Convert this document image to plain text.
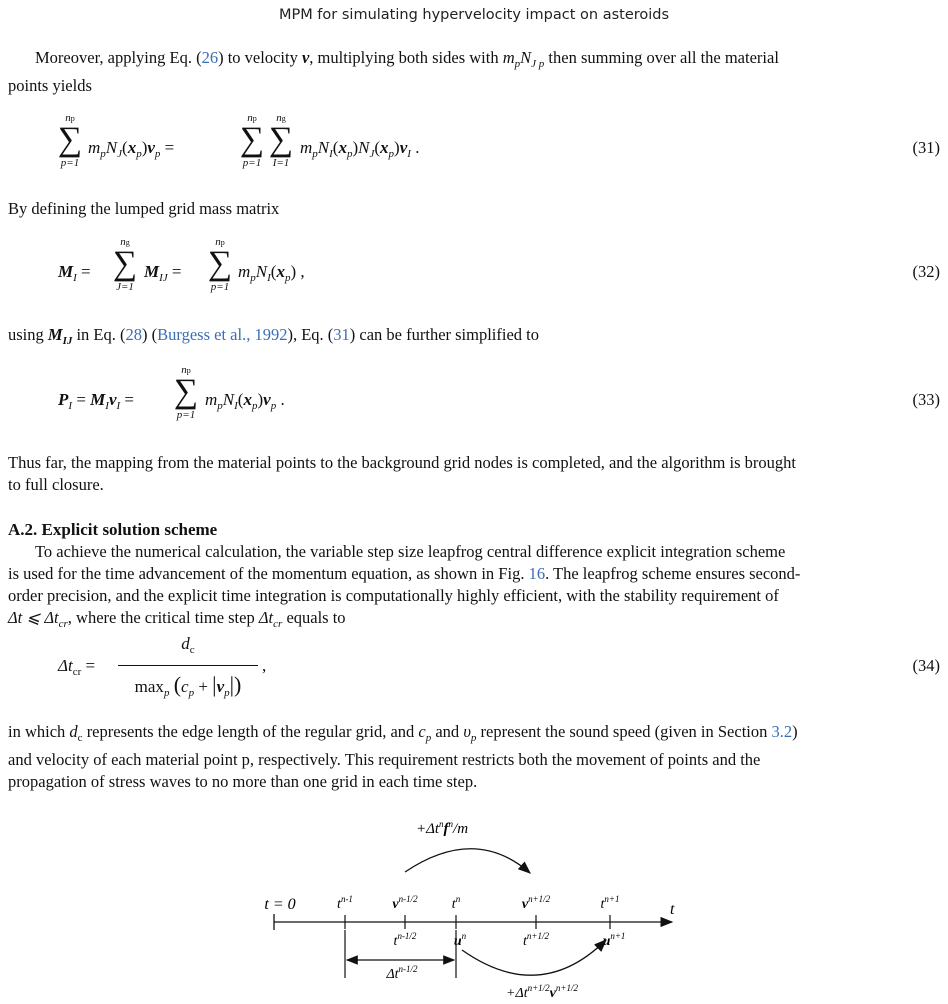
MPM for simulating hypervelocity impact on asteroids
Moreover, applying Eq. (26) to velocity v, multiplying both sides with $m_pN_{J p}$ then summing over all the material
points yields
np
∑
p=1
$m_pN_J(x_p)v_p$ =
np
∑
p=1
ng
∑
I=1
$m_pN_I(x_p)N_J(x_p)v_I$ .	(31)
By defining the lumped grid mass matrix
$M_I$ =
ng
∑
J=1
$M_{IJ}$ =
np
∑
p=1
$m_pN_I(x_p)$ ,	(32)
using $M_{IJ}$ in Eq. (28) (Burgess et al., 1992), Eq. (31) can be further simplified to
$P_I = M_Iv_I$ =
np
∑
p=1
$m_pN_I(x_p)v_p$ .	(33)
Thus far, the mapping from the material points to the background grid nodes is completed, and the algorithm is brought
to full closure.
A.2. Explicit solution scheme
To achieve the numerical calculation, the variable step size leapfrog central difference explicit integration scheme
is used for the time advancement of the momentum equation, as shown in Fig. 16. The leapfrog scheme ensures second-
order precision, and the explicit time integration is computationally highly efficient, with the stability requirement of
Δt ⩽ $\Delta t_{cr}$, where the critical time step $\Delta t_{cr}$ equals to
$\Delta t_{cr}$ =
$d_c$
$\max_p (c_p + |v_p|)$
,	(34)
in which $d_c$ represents the edge length of the regular grid, and $c_p$ and $\upsilon_p$ represent the sound speed (given in Section 3.2)
and velocity of each material point p, respectively. This requirement restricts both the movement of points and the
propagation of stress waves to no more than one grid in each time step.
$+\Delta t^nf^n/m$
t = 0	$t^{n-1}$	$v^{n-1/2}$ $t^n$	$v^{n+1/2}$	$t^{n+1}$
t
$t^{n-1/2}$	$u^n$	$t^{n+1/2}$	$u^{n+1}$
$\Delta t^{n-1/2}$
$+\Delta t^{n+1/2}v^{n+1/2}$
